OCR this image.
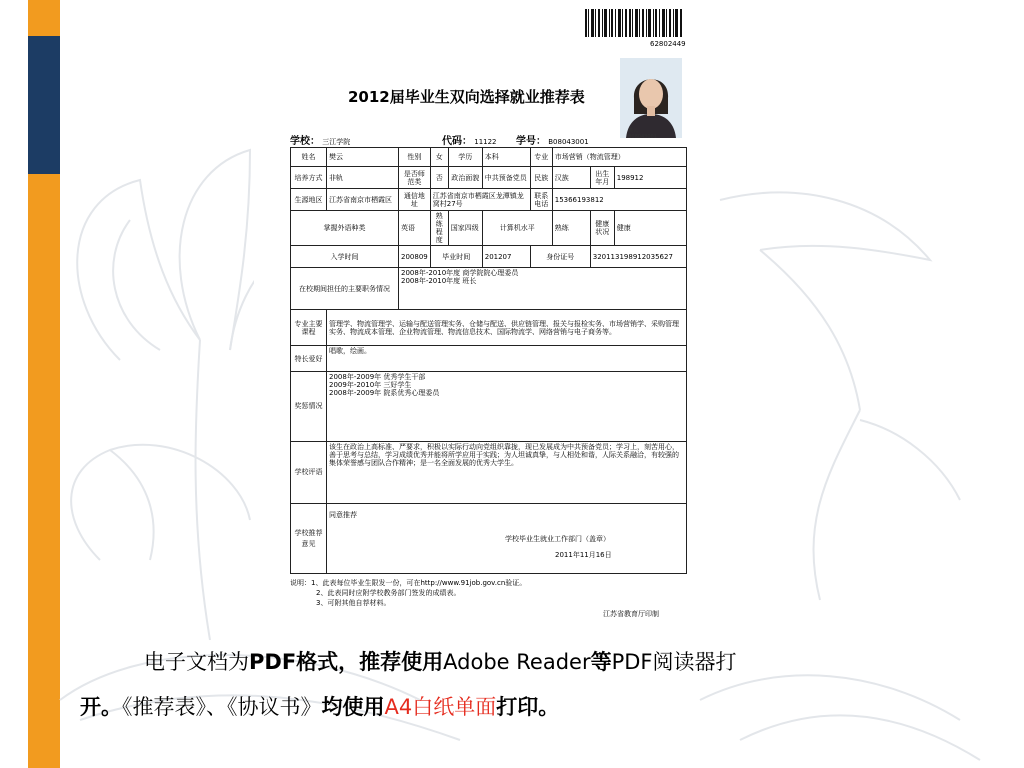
62802449
樊云
B08043001
2012届毕业生双向选择就业推荐表
学校： 三江学院	代码： 11122 学号： B08043001
姓名	樊云	性别	女	学历	本科	专业	市场营销（物流管理）		
培养方式	非轨	是否师范类	否	政治面貌	中共预备党员	民族	汉族	出生年月	198912
生源地区	江苏省南京市栖霞区	通信地址	江苏省南京市栖霞区龙潭镇龙窝村27号			联系电话	15366193812		
掌握外语种类		英语	熟练程度	国家四级	计算机水平		熟练	健康状况	健康
入学时间		200809	毕业时间		201207	身份证号		320113198912035627	
在校期间担任的主要职务情况		2008年-2010年度 商学院院心理委员
2008年-2010年度 班长							

专业主要课程	管理学、物流管理学、运输与配送管理实务、仓储与配送、供应链管理、报关与报检实务、市场营销学、采购管理实务、物流成本管理、企业物流管理、物流信息技术、国际物流学、网络营销与电子商务等。								
特长爱好	唱歌，绘画。								
奖惩情况	2008年-2009年 优秀学生干部
2009年-2010年 三好学生
2008年-2009年 院系优秀心理委员								

学校评语	该生在政治上高标准、严要求，积极以实际行动向党组织靠拢，现已发展成为中共预备党员；学习上，刻苦用心，善于思考与总结，学习成绩优秀并能将所学应用于实践；为人坦诚真挚，与人相处和谐，人际关系融洽，有较强的集体荣誉感与团队合作精神；是一名全面发展的优秀大学生。								
学校推荐意见	同意推荐
学校毕业生就业工作部门（盖章）
2011年11月16日								
说明：1、此表每位毕业生限发一份，可在http://www.91job.gov.cn验证。
2、此表同时应附学校教务部门签发的成绩表。
3、可附其他自荐材料。
江苏省教育厅印制
电子文档为PDF格式，推荐使用Adobe Reader等PDF阅读器打
开。《推荐表》、《协议书》均使用A4白纸单面打印。
